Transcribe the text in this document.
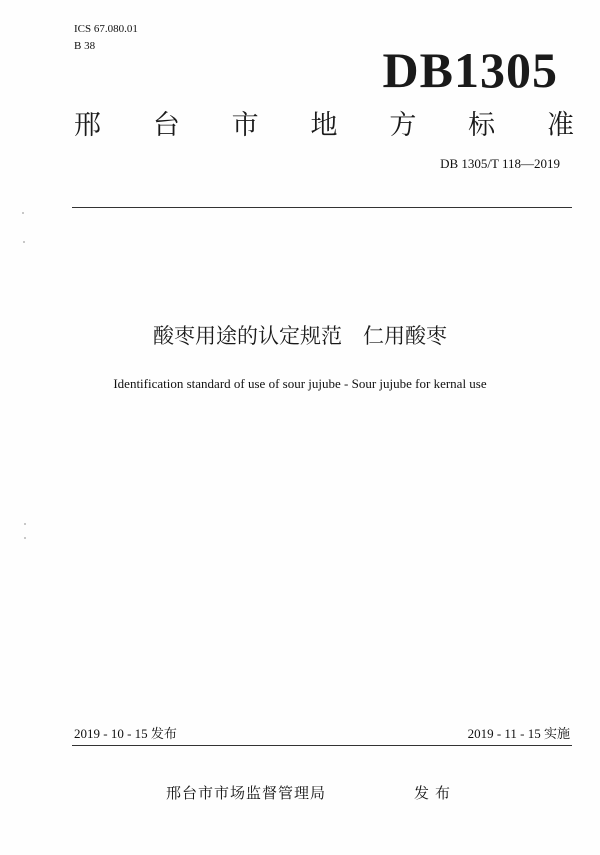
ICS 67.080.01
B 38	DB1305
邢 台 市 地 方 标 准
DB 1305/T 118—2019
酸枣用途的认定规范　仁用酸枣
Identification standard of use of sour jujube - Sour jujube for kernal use
2019 - 10 - 15 发布	2019 - 11 - 15 实施
邢台市市场监督管理局	发布
